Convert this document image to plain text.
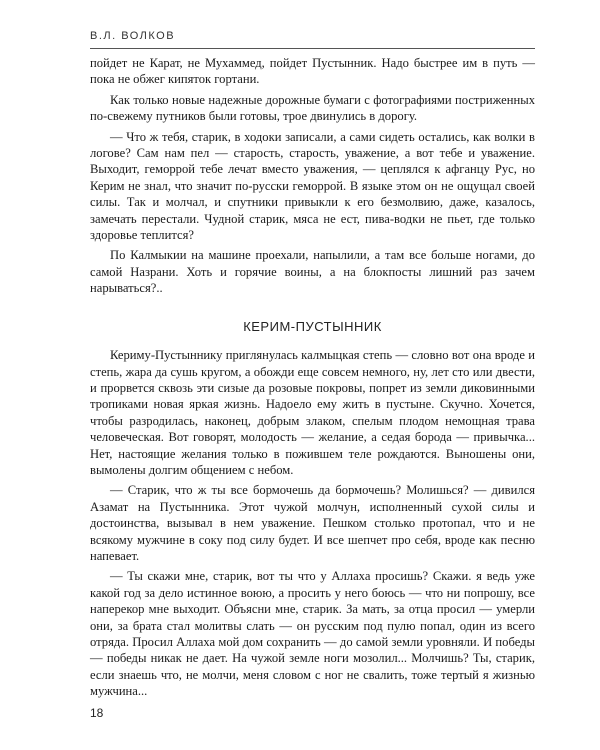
В.Л. ВОЛКОВ

пойдет не Карат, не Мухаммед, пойдет Пустынник. Надо быстрее им в путь — пока не обжег кипяток гортани.

Как только новые надежные дорожные бумаги с фотографиями постриженных по-свежему путников были готовы, трое двинулись в дорогу.

— Что ж тебя, старик, в ходоки записали, а сами сидеть остались, как волки в логове? Сам нам пел — старость, старость, уважение, а вот тебе и уважение. Выходит, геморрой тебе лечат вместо уважения, — цеплялся к афганцу Рус, но Керим не знал, что значит по-русски геморрой. В языке этом он не ощущал своей силы. Так и молчал, и спутники привыкли к его безмолвию, даже, казалось, замечать перестали. Чудной старик, мяса не ест, пива-водки не пьет, где только здоровье теплится?

По Калмыкии на машине проехали, напылили, а там все больше ногами, до самой Назрани. Хоть и горячие воины, а на блокпосты лишний раз зачем нарываться?..

КЕРИМ-ПУСТЫННИК

Кериму-Пустыннику приглянулась калмыцкая степь — словно вот она вроде и степь, жара да сушь кругом, а обожди еще совсем немного, ну, лет сто или двести, и прорвется сквозь эти сизые да розовые покровы, попрет из земли диковинными тропиками новая яркая жизнь. Надоело ему жить в пустыне. Скучно. Хочется, чтобы разродилась, наконец, добрым злаком, спелым плодом немощная трава человеческая. Вот говорят, молодость — желание, а седая борода — привычка... Нет, настоящие желания только в пожившем теле рождаются. Выношены они, вымолены долгим общением с небом.

— Старик, что ж ты все бормочешь да бормочешь? Молишься? — дивился Азамат на Пустынника. Этот чужой молчун, исполненный сухой силы и достоинства, вызывал в нем уважение. Пешком столько протопал, что и не всякому мужчине в соку под силу будет. И все шепчет про себя, вроде как песню напевает.

— Ты скажи мне, старик, вот ты что у Аллаха просишь? Скажи. я ведь уже какой год за дело истинное воюю, а просить у него боюсь — что ни попрошу, все наперекор мне выходит. Объясни мне, старик. За мать, за отца просил — умерли они, за брата стал молитвы слать — он русским под пулю попал, один из всего отряда. Просил Аллаха мой дом сохранить — до самой земли уровняли. И победы — победы никак не дает. На чужой земле ноги мозолил... Молчишь? Ты, старик, если знаешь что, не молчи, меня словом с ног не свалить, тоже тертый я жизнью мужчина...

18
